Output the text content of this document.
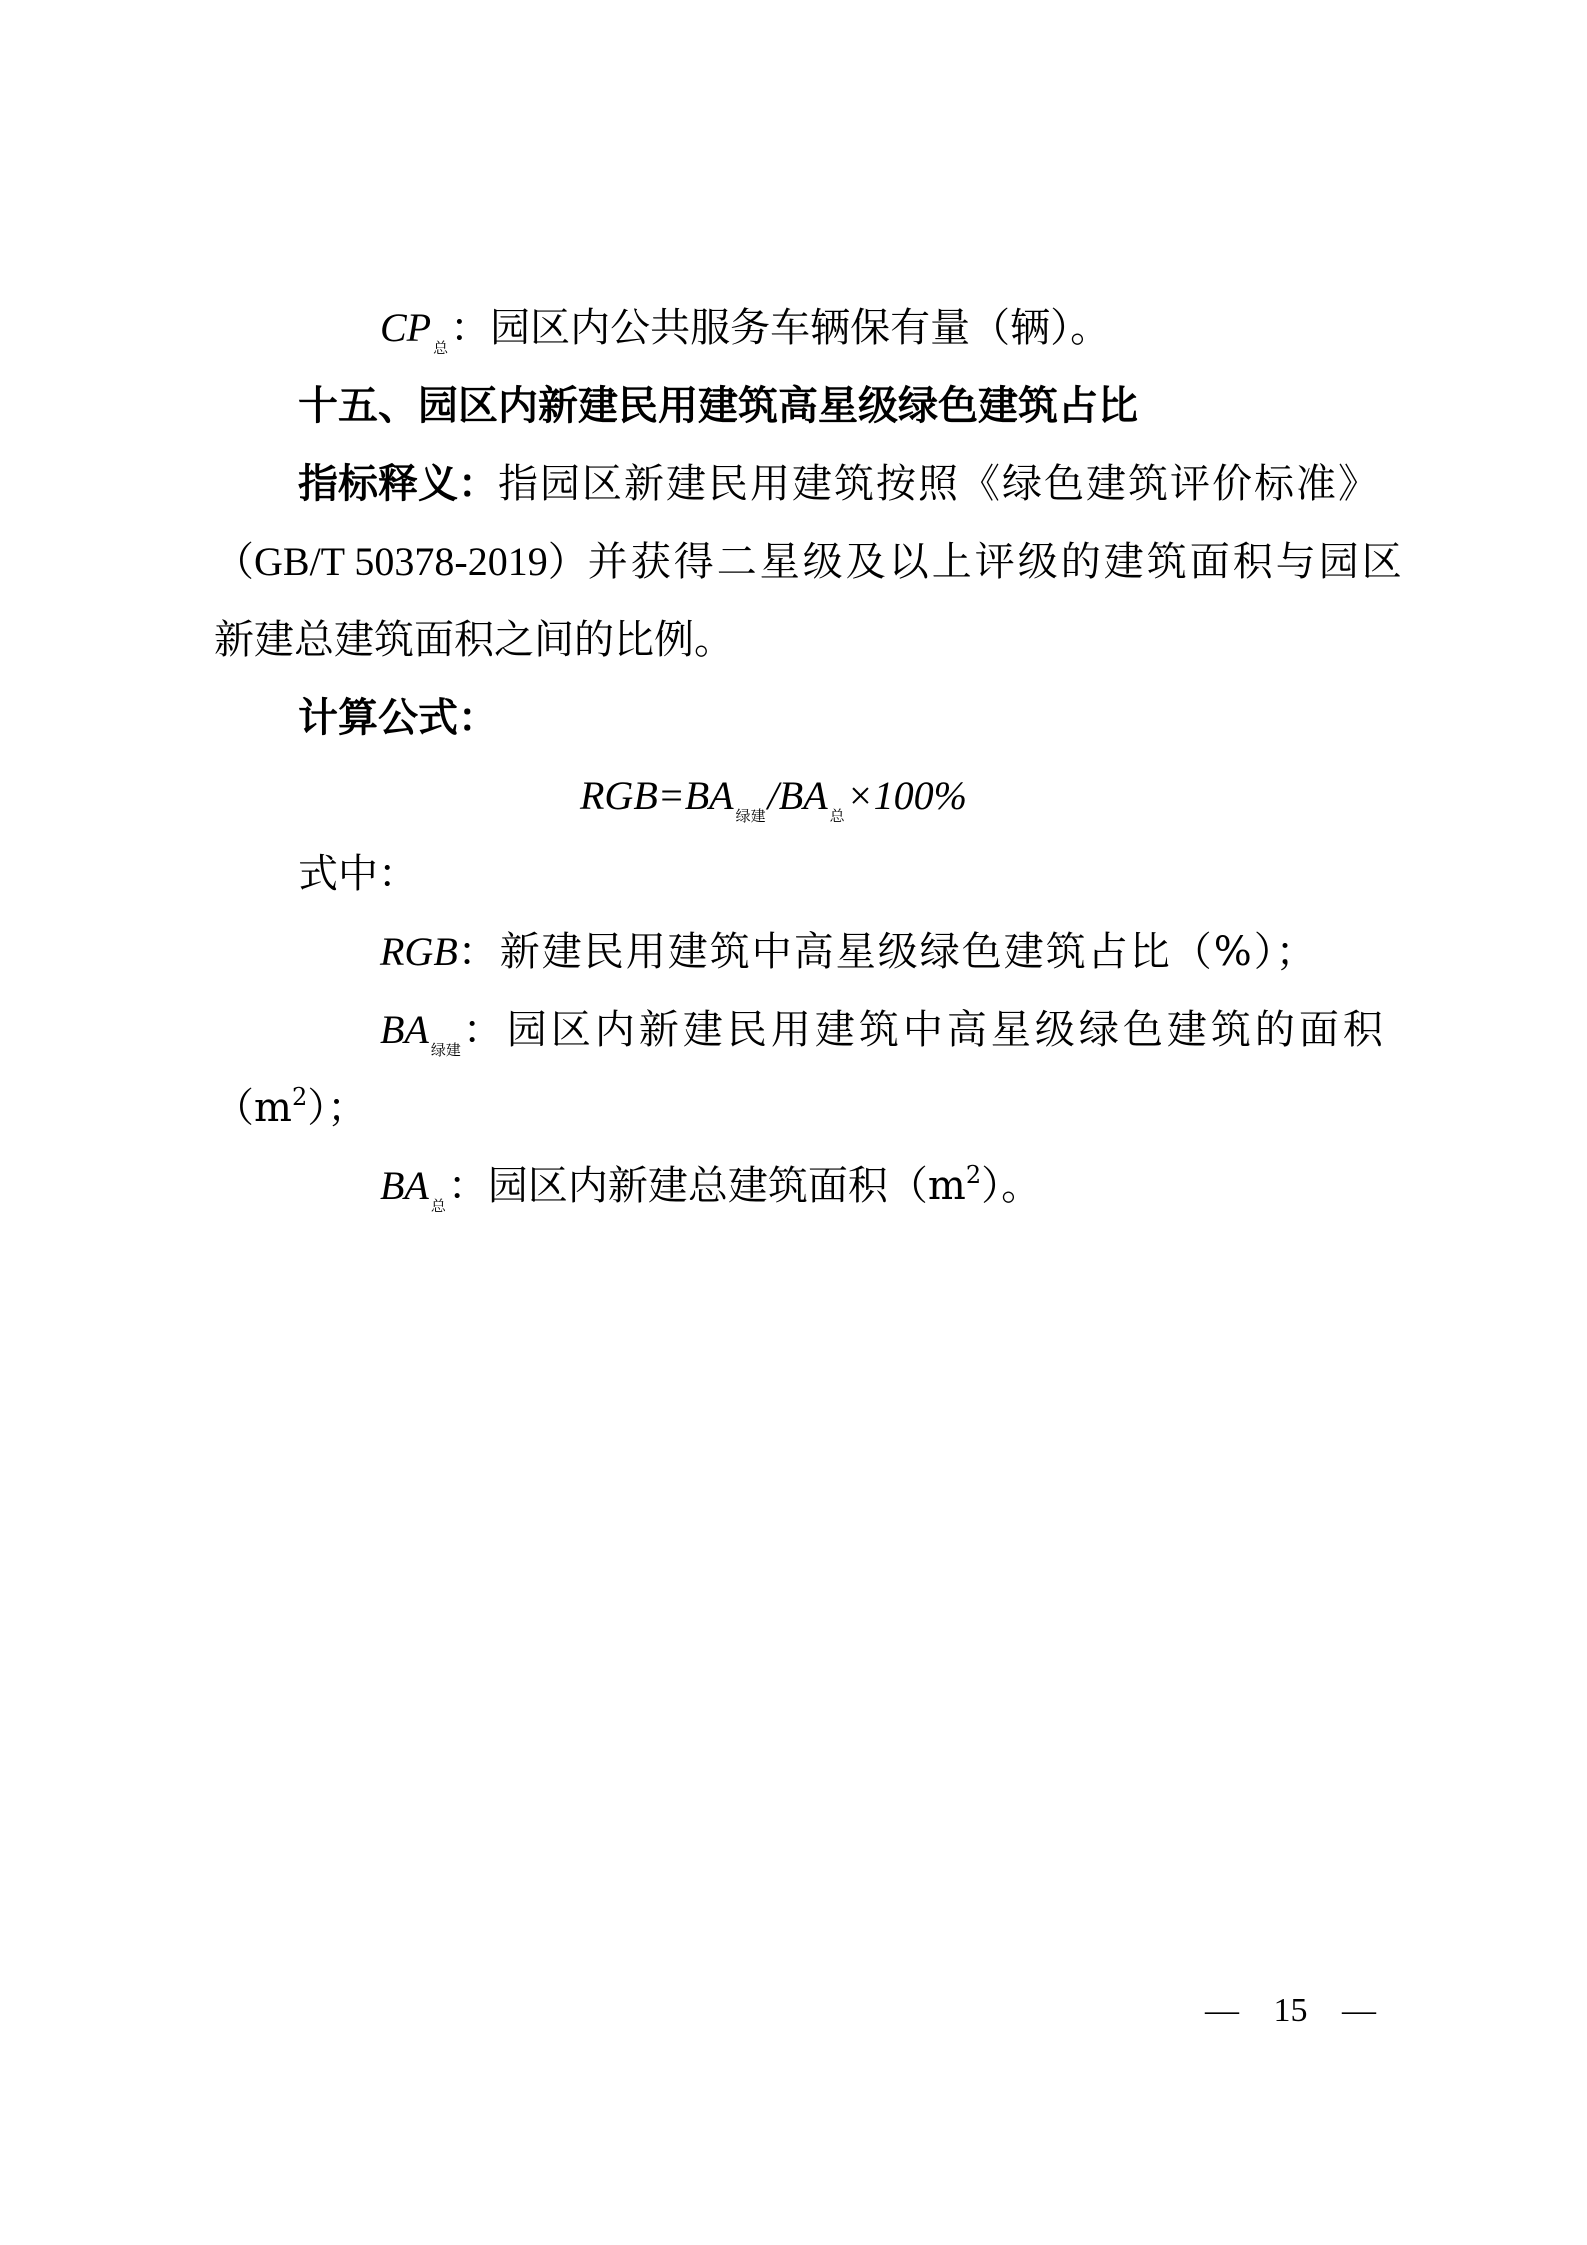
CP $_总$：园区内公共服务车辆保有量（辆）。
十五、园区内新建民用建筑高星级绿色建筑占比
指标释义： 指园区新建民用建筑按照《绿色建筑评价标准》
（GB/T 50378-2019）并获得二星级及以上评级的建筑面积与园区
新建总建筑面积之间的比例。
计算公式：
RGB=BA $_{绿建}$/BA $_总$×100%
式中：
RGB：新建民用建筑中高星级绿色建筑占比（%）；
BA $_{绿建}$：园区内新建民用建筑中高星级绿色建筑的面积
$(m^2)$；
BA $_总$：园区内新建总建筑面积$(m^2)$。
— 15 —
